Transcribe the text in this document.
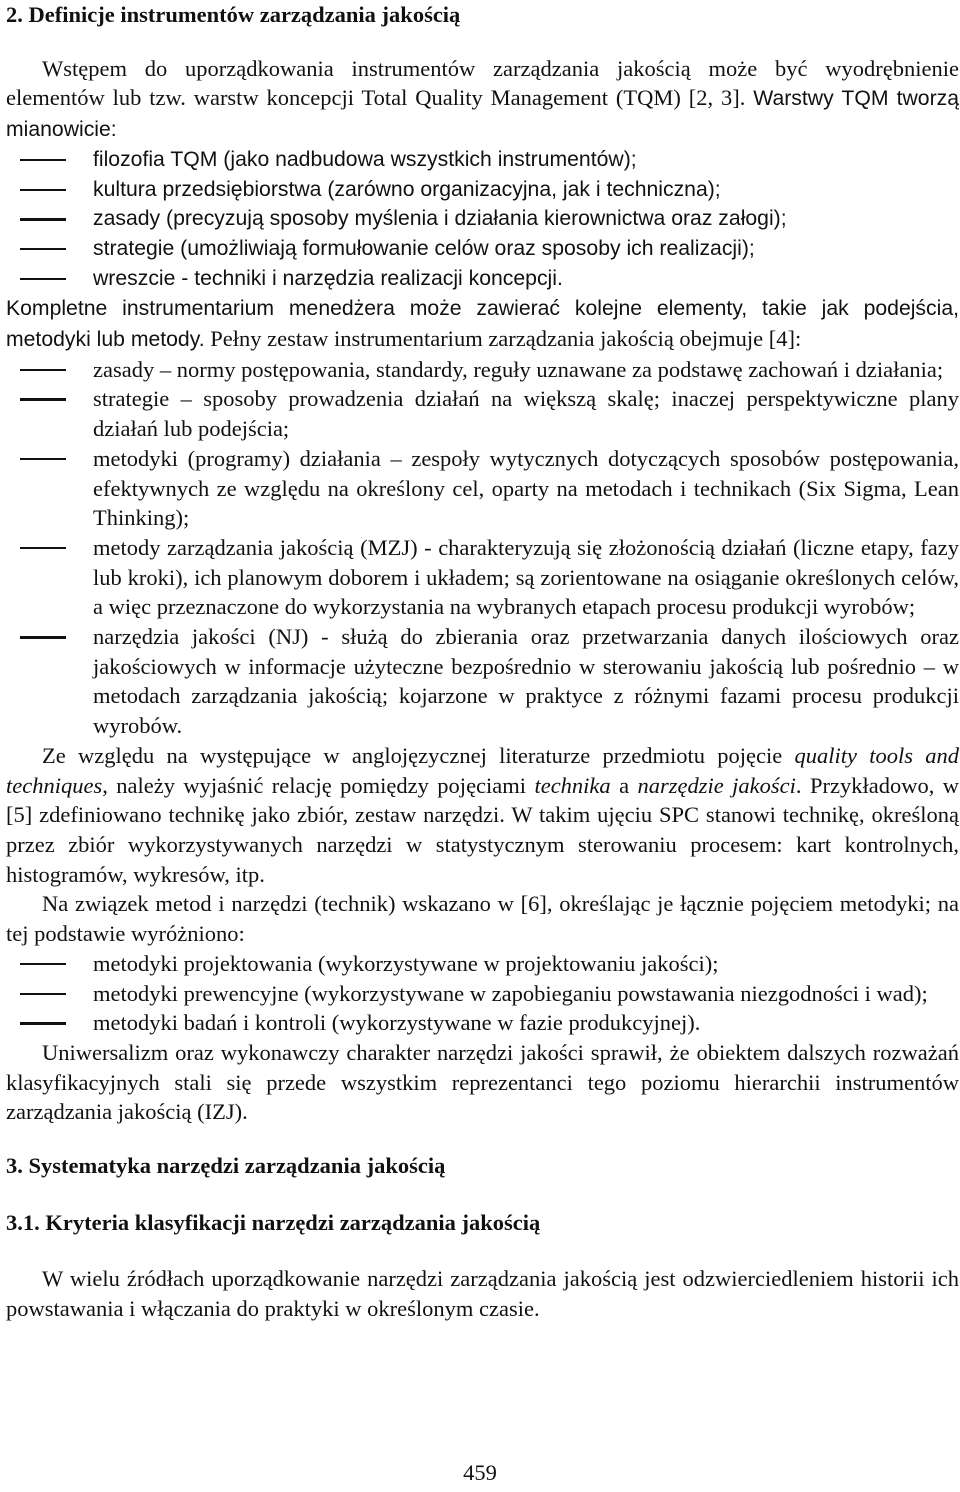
2. Definicje instrumentów zarządzania jakością

Wstępem do uporządkowania instrumentów zarządzania jakością może być wyodrębnienie elementów lub tzw. warstw koncepcji Total Quality Management (TQM) [2, 3]. Warstwy TQM tworzą mianowicie:

filozofia TQM (jako nadbudowa wszystkich instrumentów);
kultura przedsiębiorstwa (zarówno organizacyjna, jak i techniczna);
zasady (precyzują sposoby myślenia i działania kierownictwa oraz załogi);
strategie (umożliwiają formułowanie celów oraz sposoby ich realizacji);
wreszcie - techniki i narzędzia realizacji koncepcji.

Kompletne instrumentarium menedżera może zawierać kolejne elementy, takie jak podejścia, metodyki lub metody. Pełny zestaw instrumentarium zarządzania jakością obejmuje [4]:

zasady – normy postępowania, standardy, reguły uznawane za podstawę zachowań i działania;
strategie – sposoby prowadzenia działań na większą skalę; inaczej perspektywiczne plany działań lub podejścia;
metodyki (programy) działania – zespoły wytycznych dotyczących sposobów postępowania, efektywnych ze względu na określony cel, oparty na metodach i technikach (Six Sigma, Lean Thinking);
metody zarządzania jakością (MZJ) - charakteryzują się złożonością działań (liczne etapy, fazy lub kroki), ich planowym doborem i układem; są zorientowane na osiąganie określonych celów, a więc przeznaczone do wykorzystania na wybranych etapach procesu produkcji wyrobów;
narzędzia jakości (NJ) - służą do zbierania oraz przetwarzania danych ilościowych oraz jakościowych w informacje użyteczne bezpośrednio w sterowaniu jakością lub pośrednio – w metodach zarządzania jakością; kojarzone w praktyce z różnymi fazami procesu produkcji wyrobów.

Ze względu na występujące w anglojęzycznej literaturze przedmiotu pojęcie quality tools and techniques, należy wyjaśnić relację pomiędzy pojęciami technika a narzędzie jakości. Przykładowo, w [5] zdefiniowano technikę jako zbiór, zestaw narzędzi. W takim ujęciu SPC stanowi technikę, określoną przez zbiór wykorzystywanych narzędzi w statystycznym sterowaniu procesem: kart kontrolnych, histogramów, wykresów, itp.

Na związek metod i narzędzi (technik) wskazano w [6], określając je łącznie pojęciem metodyki; na tej podstawie wyróżniono:

metodyki projektowania (wykorzystywane w projektowaniu jakości);
metodyki prewencyjne (wykorzystywane w zapobieganiu powstawania niezgodności i wad);
metodyki badań i kontroli (wykorzystywane w fazie produkcyjnej).

Uniwersalizm oraz wykonawczy charakter narzędzi jakości sprawił, że obiektem dalszych rozważań klasyfikacyjnych stali się przede wszystkim reprezentanci tego poziomu hierarchii instrumentów zarządzania jakością (IZJ).

3. Systematyka narzędzi zarządzania jakością
3.1. Kryteria klasyfikacji narzędzi zarządzania jakością

W wielu źródłach uporządkowanie narzędzi zarządzania jakością jest odzwierciedleniem historii ich powstawania i włączania do praktyki w określonym czasie.

459
